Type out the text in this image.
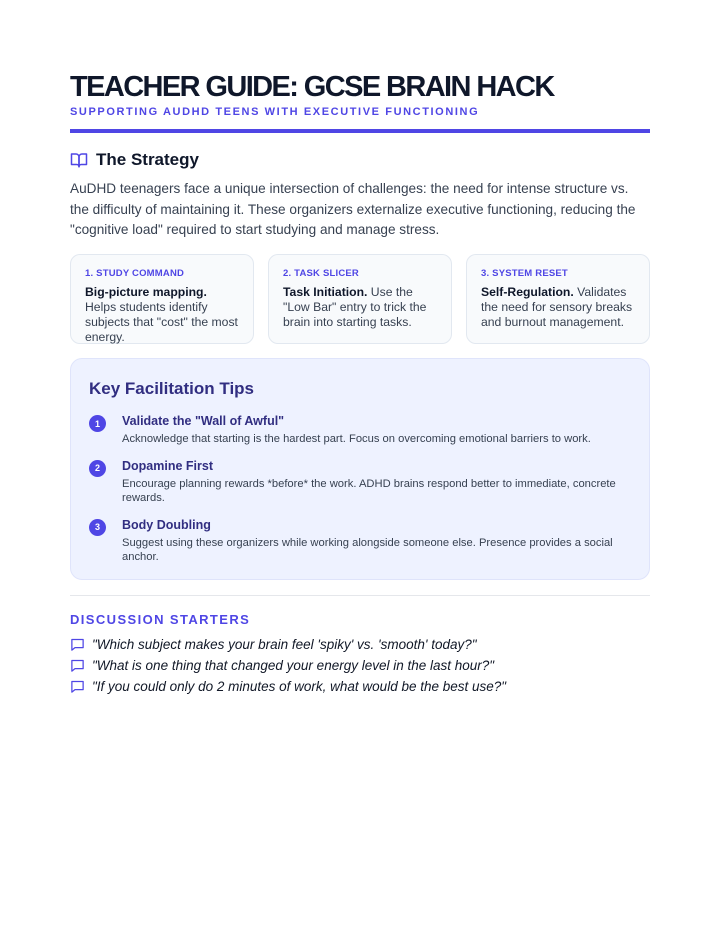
TEACHER GUIDE: GCSE BRAIN HACK
SUPPORTING AUDHD TEENS WITH EXECUTIVE FUNCTIONING
The Strategy

AuDHD teenagers face a unique intersection of challenges: the need for intense structure vs. the difficulty of maintaining it. These organizers externalize executive functioning, reducing the "cognitive load" required to start studying and manage stress.

1. STUDY COMMAND
Big-picture mapping. Helps students identify subjects that "cost" the most energy.
2. TASK SLICER
Task Initiation. Use the "Low Bar" entry to trick the brain into starting tasks.
3. SYSTEM RESET
Self-Regulation. Validates the need for sensory breaks and burnout management.
Key Facilitation Tips
1	Validate the "Wall of Awful"
Acknowledge that starting is the hardest part. Focus on overcoming emotional barriers to work.
2	Dopamine First
Encourage planning rewards *before* the work. ADHD brains respond better to immediate, concrete rewards.
3	Body Doubling
Suggest using these organizers while working alongside someone else. Presence provides a social anchor.
DISCUSSION STARTERS
"Which subject makes your brain feel 'spiky' vs. 'smooth' today?"
"What is one thing that changed your energy level in the last hour?"
"If you could only do 2 minutes of work, what would be the best use?"
